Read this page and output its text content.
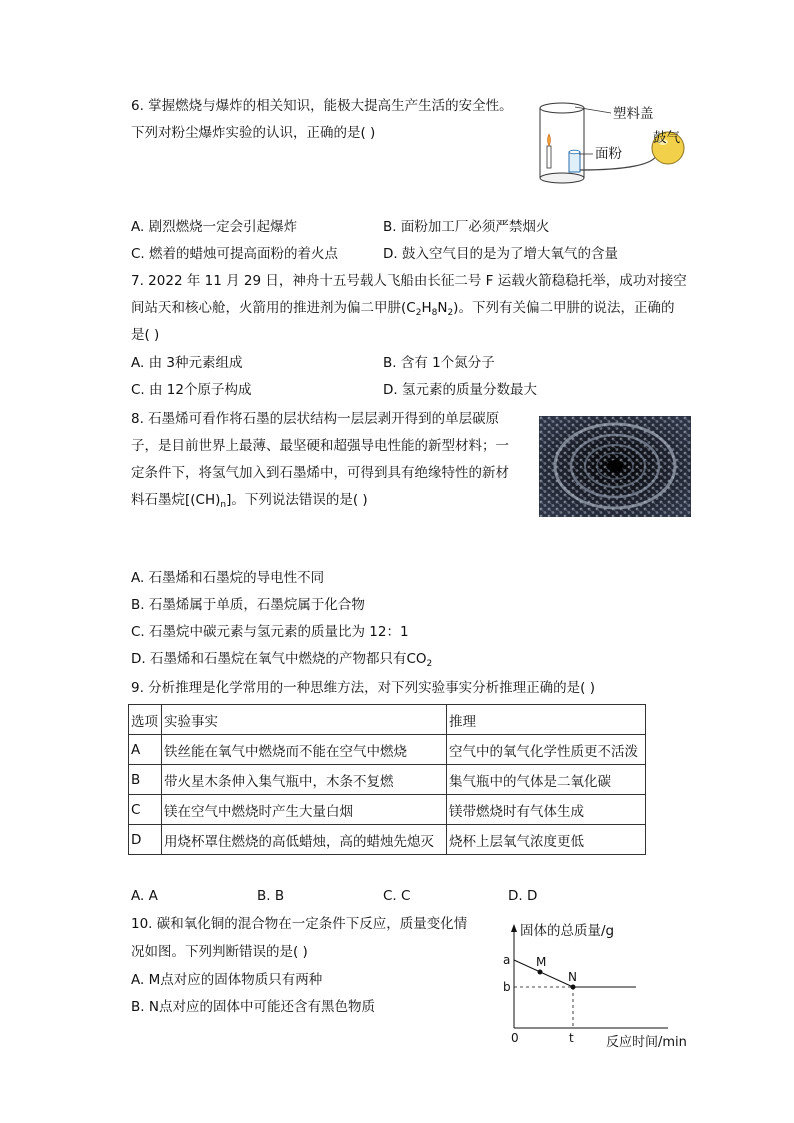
6. 掌握燃烧与爆炸的相关知识，能极大提高生产生活的安全性。
下列对粉尘爆炸实验的认识，正确的是( )
塑料盖
面粉
鼓气
A. 剧烈燃烧一定会引起爆炸	B. 面粉加工厂必须严禁烟火
C. 燃着的蜡烛可提高面粉的着火点	D. 鼓入空气目的是为了增大氧气的含量
7. 2022 年 11 月 29 日，神舟十五号载人飞船由长征二号 F 运载火箭稳稳托举，成功对接空
间站天和核心舱，火箭用的推进剂为偏二甲肼$(C_2H_8N_2)$。下列有关偏二甲肼的说法，正确的
是( )
A. 由 3种元素组成	B. 含有 1个氮分子
C. 由 12个原子构成	D. 氢元素的质量分数最大
8. 石墨烯可看作将石墨的层状结构一层层剥开得到的单层碳原
子，是目前世界上最薄、最坚硬和超强导电性能的新型材料；一
定条件下，将氢气加入到石墨烯中，可得到具有绝缘特性的新材
料石墨烷$[(CH)_n]$。下列说法错误的是( )
A. 石墨烯和石墨烷的导电性不同
B. 石墨烯属于单质，石墨烷属于化合物
C. 石墨烷中碳元素与氢元素的质量比为 12：1
D. 石墨烯和石墨烷在氧气中燃烧的产物都只有$CO_2$
9. 分析推理是化学常用的一种思维方法，对下列实验事实分析推理正确的是( )
选项	实验事实	推理
A	铁丝能在氧气中燃烧而不能在空气中燃烧	空气中的氧气化学性质更不活泼
B	带火星木条伸入集气瓶中，木条不复燃	集气瓶中的气体是二氧化碳
C	镁在空气中燃烧时产生大量白烟	镁带燃烧时有气体生成
D	用烧杯罩住燃烧的高低蜡烛，高的蜡烛先熄灭	烧杯上层氧气浓度更低
A. A	B. B	C. C	D. D
10. 碳和氧化铜的混合物在一定条件下反应，质量变化情
况如图。下列判断错误的是( )
A. M点对应的固体物质只有两种
B. N点对应的固体中可能还含有黑色物质
固体的总质量/g
a
b
M
N
0	t 反应时间/min
